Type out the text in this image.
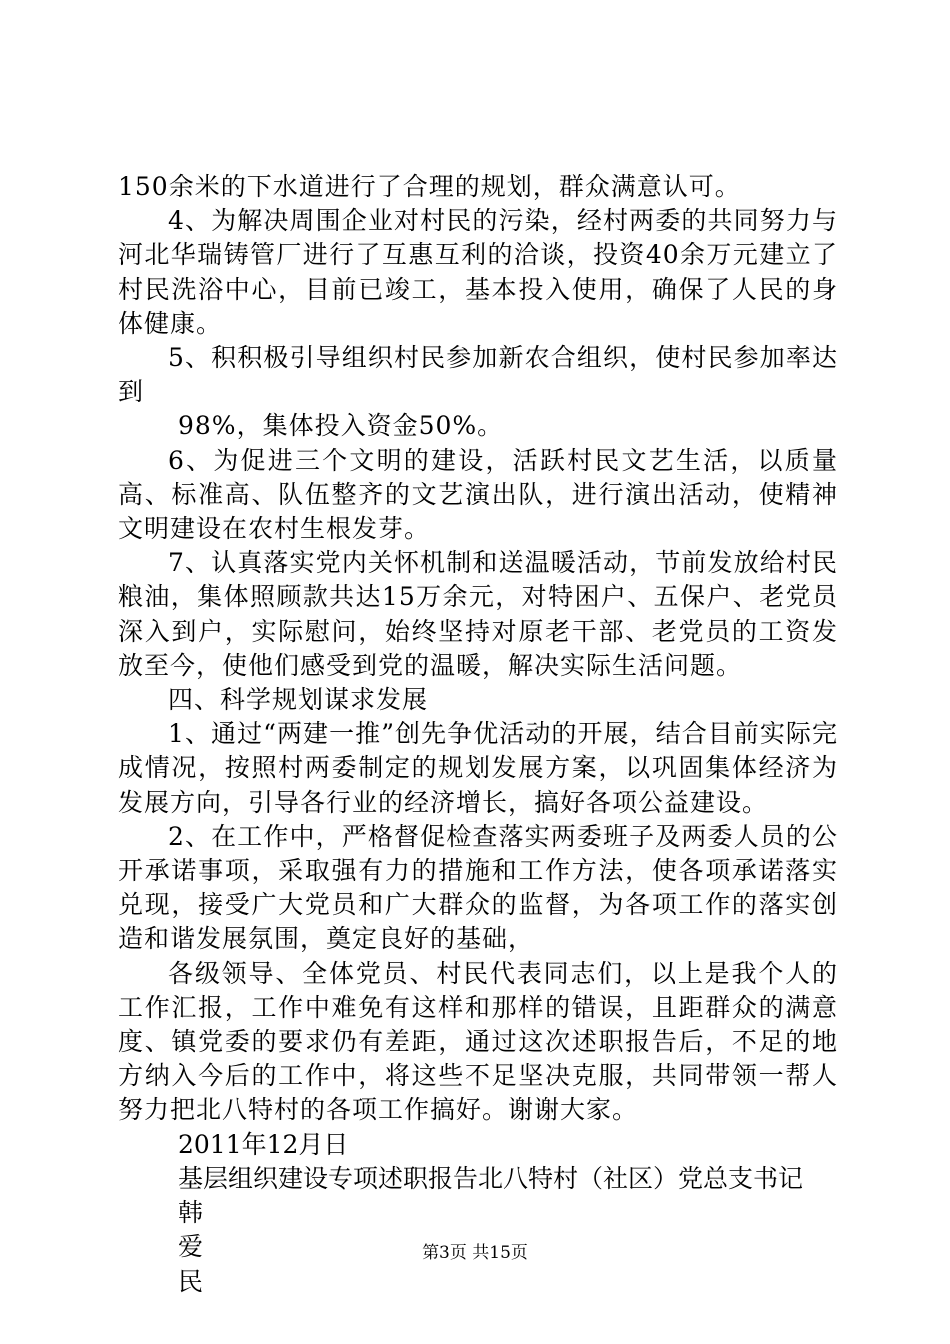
150余米的下水道进行了合理的规划，群众满意认可。

4、为解决周围企业对村民的污染，经村两委的共同努力与河北华瑞铸管厂进行了互惠互利的洽谈，投资40余万元建立了村民洗浴中心，目前已竣工，基本投入使用，确保了人民的身体健康。

5、积积极引导组织村民参加新农合组织，使村民参加率达到

98%，集体投入资金50%。

6、为促进三个文明的建设，活跃村民文艺生活，以质量高、标准高、队伍整齐的文艺演出队，进行演出活动，使精神文明建设在农村生根发芽。

7、认真落实党内关怀机制和送温暖活动，节前发放给村民粮油，集体照顾款共达15万余元，对特困户、五保户、老党员深入到户，实际慰问，始终坚持对原老干部、老党员的工资发放至今，使他们感受到党的温暖，解决实际生活问题。

四、科学规划谋求发展

1、通过“两建一推”创先争优活动的开展，结合目前实际完成情况，按照村两委制定的规划发展方案，以巩固集体经济为发展方向，引导各行业的经济增长，搞好各项公益建设。

2、在工作中，严格督促检查落实两委班子及两委人员的公开承诺事项，采取强有力的措施和工作方法，使各项承诺落实兑现，接受广大党员和广大群众的监督，为各项工作的落实创造和谐发展氛围，奠定良好的基础，

各级领导、全体党员、村民代表同志们，以上是我个人的工作汇报，工作中难免有这样和那样的错误，且距群众的满意度、镇党委的要求仍有差距，通过这次述职报告后，不足的地方纳入今后的工作中，将这些不足坚决克服，共同带领一帮人努力把北八特村的各项工作搞好。谢谢大家。

2011年12月日

基层组织建设专项述职报告北八特村（社区）党总支书记

韩

爱

民

第3页 共15页
